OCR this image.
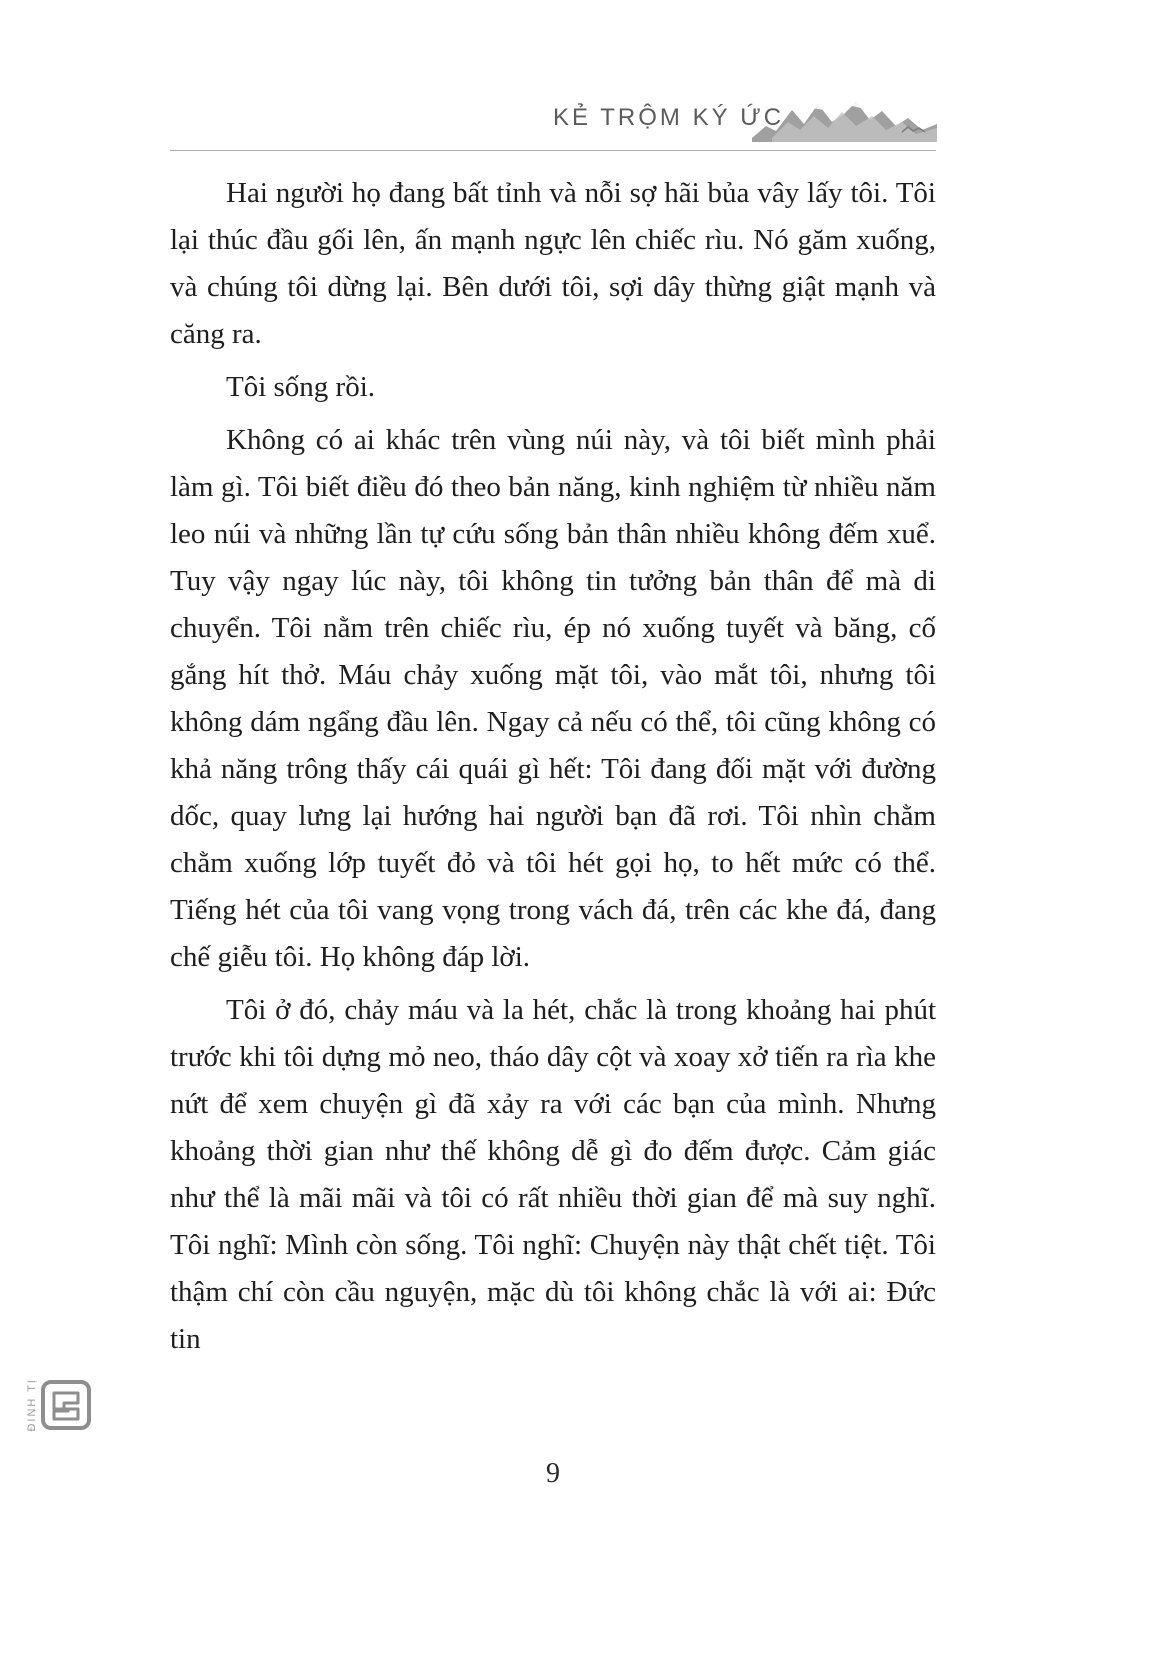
KẺ TRỘM KÝ ỨC

Hai người họ đang bất tỉnh và nỗi sợ hãi bủa vây lấy tôi. Tôi lại thúc đầu gối lên, ấn mạnh ngực lên chiếc rìu. Nó găm xuống, và chúng tôi dừng lại. Bên dưới tôi, sợi dây thừng giật mạnh và căng ra.

Tôi sống rồi.

Không có ai khác trên vùng núi này, và tôi biết mình phải làm gì. Tôi biết điều đó theo bản năng, kinh nghiệm từ nhiều năm leo núi và những lần tự cứu sống bản thân nhiều không đếm xuể. Tuy vậy ngay lúc này, tôi không tin tưởng bản thân để mà di chuyển. Tôi nằm trên chiếc rìu, ép nó xuống tuyết và băng, cố gắng hít thở. Máu chảy xuống mặt tôi, vào mắt tôi, nhưng tôi không dám ngẩng đầu lên. Ngay cả nếu có thể, tôi cũng không có khả năng trông thấy cái quái gì hết: Tôi đang đối mặt với đường dốc, quay lưng lại hướng hai người bạn đã rơi. Tôi nhìn chằm chằm xuống lớp tuyết đỏ và tôi hét gọi họ, to hết mức có thể. Tiếng hét của tôi vang vọng trong vách đá, trên các khe đá, đang chế giễu tôi. Họ không đáp lời.

Tôi ở đó, chảy máu và la hét, chắc là trong khoảng hai phút trước khi tôi dựng mỏ neo, tháo dây cột và xoay xở tiến ra rìa khe nứt để xem chuyện gì đã xảy ra với các bạn của mình. Nhưng khoảng thời gian như thế không dễ gì đo đếm được. Cảm giác như thể là mãi mãi và tôi có rất nhiều thời gian để mà suy nghĩ. Tôi nghĩ: Mình còn sống. Tôi nghĩ: Chuyện này thật chết tiệt. Tôi thậm chí còn cầu nguyện, mặc dù tôi không chắc là với ai: Đức tin

9
ĐINH TỊ
